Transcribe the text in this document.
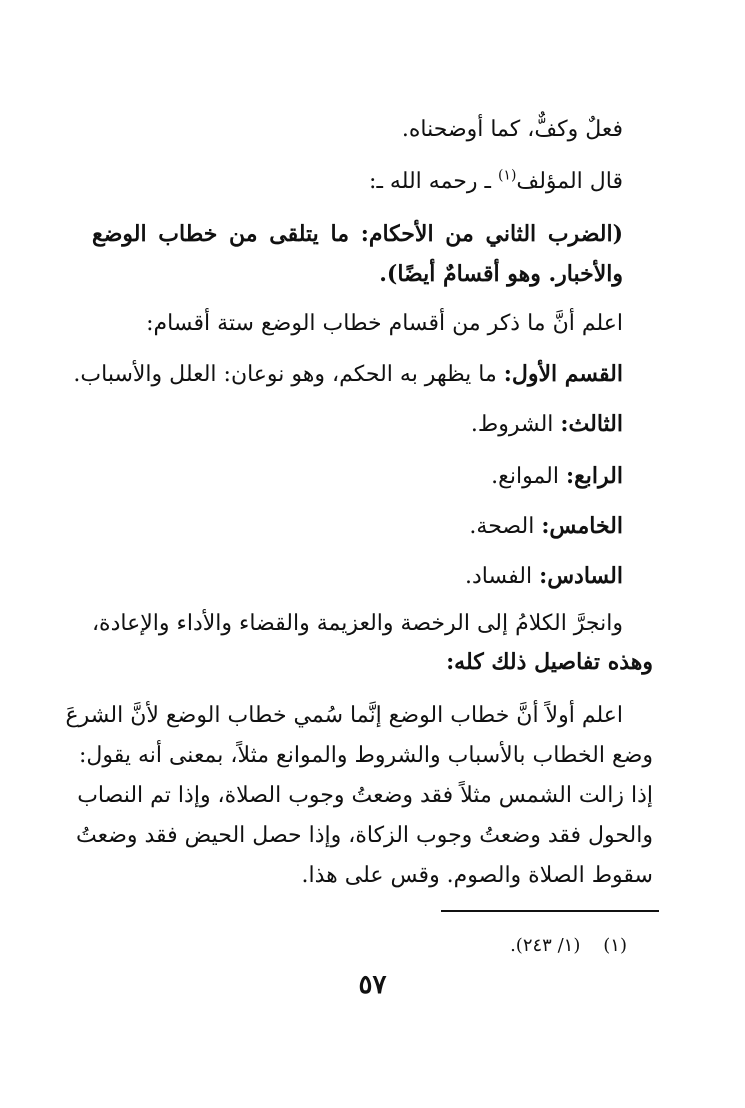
فعلٌ وكفٌّ، كما أوضحناه.
قال المؤلف$^{(١)}$ ـ رحمه الله ـ:
(الضرب الثاني من الأحكام: ما يتلقى من خطاب الوضع
والأخبار. وهو أقسامٌ أيضًا).
اعلم أنَّ ما ذكر من أقسام خطاب الوضع ستة أقسام:
القسم الأول: ما يظهر به الحكم، وهو نوعان: العلل والأسباب.
الثالث: الشروط.
الرابع: الموانع.
الخامس: الصحة.
السادس: الفساد.
وانجرَّ الكلامُ إلى الرخصة والعزيمة والقضاء والأداء والإعادة،
وهذه تفاصيل ذلك كله:
اعلم أولاً أنَّ خطاب الوضع إنَّما سُمي خطاب الوضع لأنَّ الشرعَ
وضع الخطاب بالأسباب والشروط والموانع مثلاً، بمعنى أنه يقول:
إذا زالت الشمس مثلاً فقد وضعتُ وجوب الصلاة، وإذا تم النصاب
والحول فقد وضعتُ وجوب الزكاة، وإذا حصل الحيض فقد وضعتُ
سقوط الصلاة والصوم. وقس على هذا.
(١)    (١/ ٢٤٣).
٥٧
